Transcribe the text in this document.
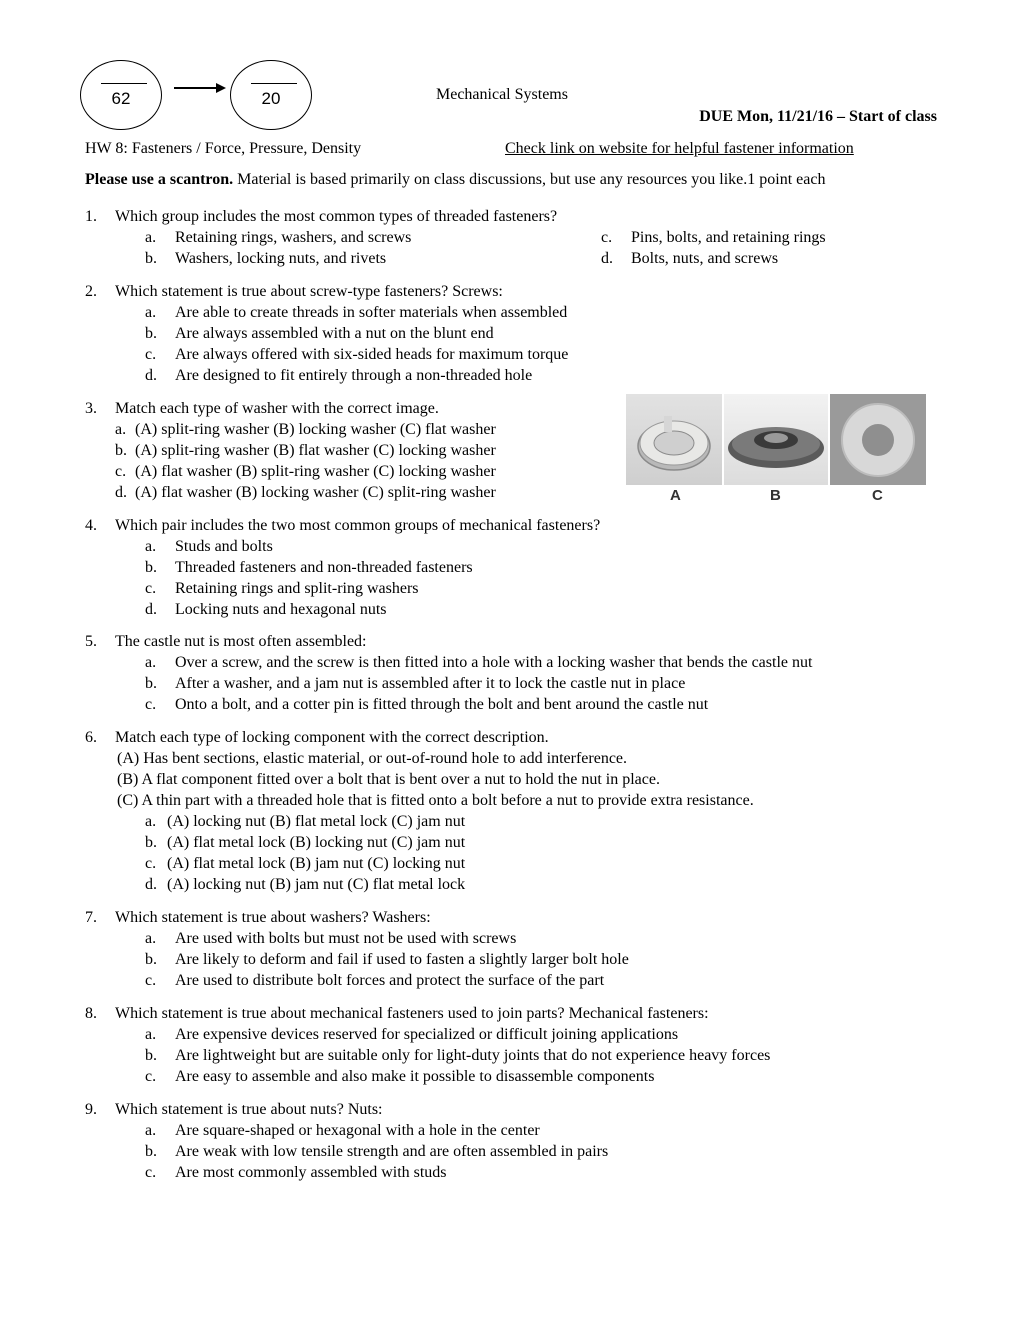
62	20	Mechanical Systems
DUE Mon, 11/21/16 – Start of class
HW 8: Fasteners / Force, Pressure, Density	Check link on website for helpful fastener information
Please use a scantron. Material is based primarily on class discussions, but use any resources you like.1 point each
1. Which group includes the most common types of threaded fasteners?
a. Retaining rings, washers, and screws	c. Pins, bolts, and retaining rings
b. Washers, locking nuts, and rivets	d. Bolts, nuts, and screws
2. Which statement is true about screw-type fasteners? Screws:
a. Are able to create threads in softer materials when assembled
b. Are always assembled with a nut on the blunt end
c. Are always offered with six-sided heads for maximum torque
d. Are designed to fit entirely through a non-threaded hole
3. Match each type of washer with the correct image.
a. (A) split-ring washer (B) locking washer (C) flat washer
b. (A) split-ring washer (B) flat washer (C) locking washer
c. (A) flat washer (B) split-ring washer (C) locking washer
d. (A) flat washer (B) locking washer (C) split-ring washer	A	B	C
4. Which pair includes the two most common groups of mechanical fasteners?
a. Studs and bolts
b. Threaded fasteners and non-threaded fasteners
c. Retaining rings and split-ring washers
d. Locking nuts and hexagonal nuts
5. The castle nut is most often assembled:
a. Over a screw, and the screw is then fitted into a hole with a locking washer that bends the castle nut
b. After a washer, and a jam nut is assembled after it to lock the castle nut in place
c. Onto a bolt, and a cotter pin is fitted through the bolt and bent around the castle nut
6. Match each type of locking component with the correct description.
(A) Has bent sections, elastic material, or out-of-round hole to add interference.
(B) A flat component fitted over a bolt that is bent over a nut to hold the nut in place.
(C) A thin part with a threaded hole that is fitted onto a bolt before a nut to provide extra resistance.
a. (A) locking nut (B) flat metal lock (C) jam nut
b. (A) flat metal lock (B) locking nut (C) jam nut
c. (A) flat metal lock (B) jam nut (C) locking nut
d. (A) locking nut (B) jam nut (C) flat metal lock
7. Which statement is true about washers? Washers:
a. Are used with bolts but must not be used with screws
b. Are likely to deform and fail if used to fasten a slightly larger bolt hole
c. Are used to distribute bolt forces and protect the surface of the part
8. Which statement is true about mechanical fasteners used to join parts? Mechanical fasteners:
a. Are expensive devices reserved for specialized or difficult joining applications
b. Are lightweight but are suitable only for light-duty joints that do not experience heavy forces
c. Are easy to assemble and also make it possible to disassemble components
9. Which statement is true about nuts? Nuts:
a. Are square-shaped or hexagonal with a hole in the center
b. Are weak with low tensile strength and are often assembled in pairs
c. Are most commonly assembled with studs
